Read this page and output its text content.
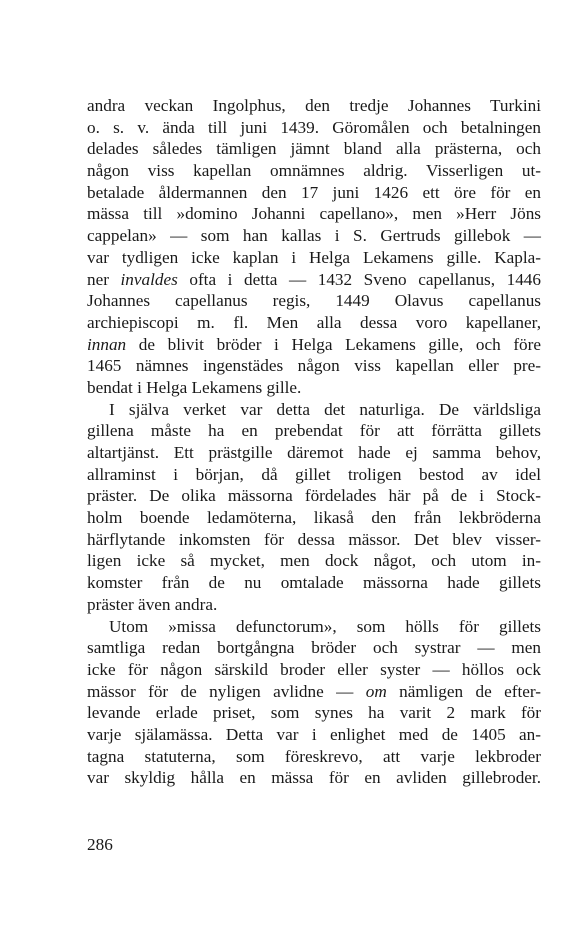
andra veckan Ingolphus, den tredje Johannes Turkini
o. s. v. ända till juni 1439. Göromålen och betalningen
delades således tämligen jämnt bland alla prästerna, och
någon viss kapellan omnämnes aldrig. Visserligen ut-
betalade åldermannen den 17 juni 1426 ett öre för en
mässa till »domino Johanni capellano», men »Herr Jöns
cappelan» — som han kallas i S. Gertruds gillebok —
var tydligen icke kaplan i Helga Lekamens gille. Kapla-
ner invaldes ofta i detta — 1432 Sveno capellanus, 1446
Johannes capellanus regis, 1449 Olavus capellanus
archiepiscopi m. fl. Men alla dessa voro kapellaner,
innan de blivit bröder i Helga Lekamens gille, och före
1465 nämnes ingenstädes någon viss kapellan eller pre-
bendat i Helga Lekamens gille.
I själva verket var detta det naturliga. De världsliga
gillena måste ha en prebendat för att förrätta gillets
altartjänst. Ett prästgille däremot hade ej samma behov,
allraminst i början, då gillet troligen bestod av idel
präster. De olika mässorna fördelades här på de i Stock-
holm boende ledamöterna, likaså den från lekbröderna
härflytande inkomsten för dessa mässor. Det blev visser-
ligen icke så mycket, men dock något, och utom in-
komster från de nu omtalade mässorna hade gillets
präster även andra.
Utom »missa defunctorum», som hölls för gillets
samtliga redan bortgångna bröder och systrar — men
icke för någon särskild broder eller syster — höllos ock
mässor för de nyligen avlidne — om nämligen de efter-
levande erlade priset, som synes ha varit 2 mark för
varje själamässa. Detta var i enlighet med de 1405 an-
tagna statuterna, som föreskrevo, att varje lekbroder
var skyldig hålla en mässa för en avliden gillebroder.
286
